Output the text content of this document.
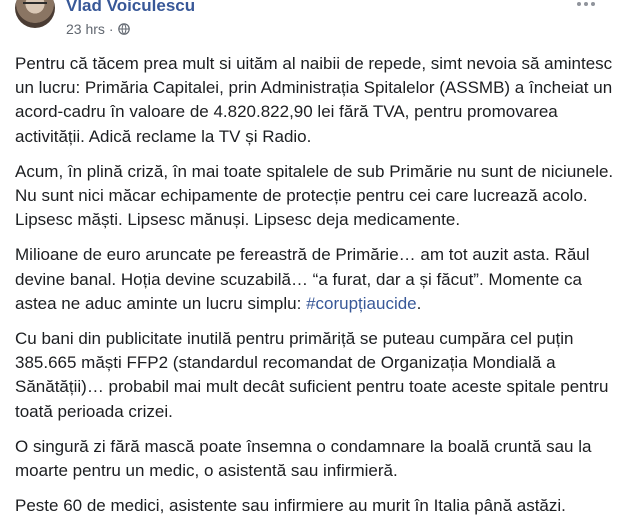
Vlad Voiculescu
23 hrs ·

Pentru că tăcem prea mult si uităm al naibii de repede, simt nevoia să amintesc un lucru: Primăria Capitalei, prin Administrația Spitalelor (ASSMB) a încheiat un acord-cadru în valoare de 4.820.822,90 lei fără TVA, pentru promovarea activității. Adică reclame la TV și Radio.

Acum, în plină criză, în mai toate spitalele de sub Primărie nu sunt de niciunele. Nu sunt nici măcar echipamente de protecție pentru cei care lucrează acolo. Lipsesc măști. Lipsesc mănuși. Lipsesc deja medicamente.

Milioane de euro aruncate pe fereastră de Primărie… am tot auzit asta. Răul devine banal. Hoția devine scuzabilă… “a furat, dar a și făcut”. Momente ca astea ne aduc aminte un lucru simplu: #corupțiaucide.

Cu bani din publicitate inutilă pentru primăriță se puteau cumpăra cel puțin 385.665 măști FFP2 (standardul recomandat de Organizația Mondială a Sănătății)… probabil mai mult decât suficient pentru toate aceste spitale pentru toată perioada crizei.

O singură zi fără mască poate însemna o condamnare la boală cruntă sau la moarte pentru un medic, o asistentă sau infirmieră.

Peste 60 de medici, asistente sau infirmiere au murit în Italia până astăzi.
